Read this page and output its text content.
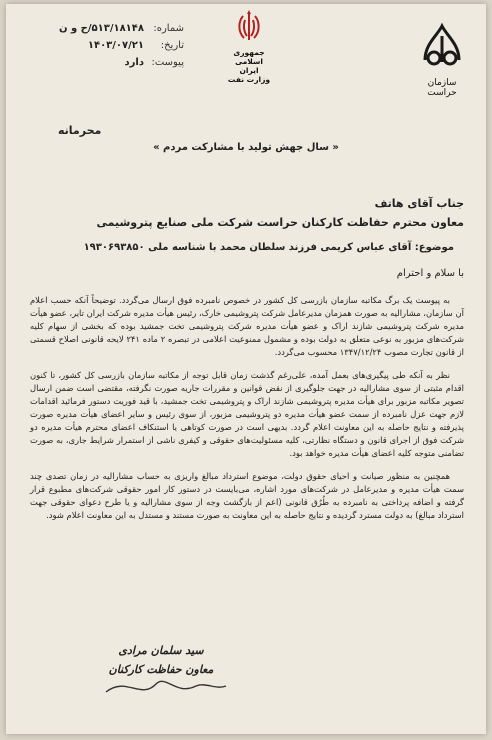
جمهوری اسلامی ایران
وزارت نفت	سازمان حراست
شماره:
۵۱۳/۱۸۱۴۸/ح و ن
تاریخ:
۱۴۰۳/۰۷/۲۱
پیوست:
دارد
محرمانه
« سال جهش تولید با مشارکت مردم »
جناب آقای هاتف
معاون محترم حفاظت کارکنان حراست شرکت ملی صنایع پتروشیمی
موضوع: آقای عباس کریمی فرزند سلطان محمد با شناسه ملی ۱۹۳۰۶۹۳۸۵۰
با سلام و احترام

به پیوست یک برگ مکاتبه سازمان بازرسی کل کشور در خصوص نامبرده فوق ارسال می‌گردد. توضیحاً آنکه حسب اعلام آن سازمان، مشارالیه به صورت همزمان مدیرعامل شرکت پتروشیمی خارک، رئیس هیأت مدیره شرکت ایران تایر، عضو هیأت مدیره شرکت پتروشیمی شازند اراک و عضو هیأت مدیره شرکت پتروشیمی تخت جمشید بوده که بخشی از سهام کلیه شرکت‌های مزبور به نوعی متعلق به دولت بوده و مشمول ممنوعیت اعلامی در تبصره ۲ ماده ۲۴۱ لایحه قانونی اصلاح قسمتی از قانون تجارت مصوب ۱۳۴۷/۱۲/۲۴ محسوب می‌گردد.

نظر به آنکه طی پیگیری‌های بعمل آمده، علی‌رغم گذشت زمان قابل توجه از مکاتبه سازمان بازرسی کل کشور، تا کنون اقدام مثبتی از سوی مشارالیه در جهت جلوگیری از نقض قوانین و مقررات جاریه صورت نگرفته، مقتضی است ضمن ارسال تصویر مکاتبه مزبور برای هیأت مدیره پتروشیمی شازند اراک و پتروشیمی تخت جمشید، با قید فوریت دستور فرمائید اقدامات لازم جهت عزل نامبرده از سمت عضو هیأت مدیره دو پتروشیمی مزبور، از سوی رئیس و سایر اعضای هیأت مدیره صورت پذیرفته و نتایج حاصله به این معاونت اعلام گردد. بدیهی است در صورت کوتاهی یا استنکاف اعضای محترم هیأت مدیره دو شرکت فوق از اجرای قانون و دستگاه نظارتی، کلیه مسئولیت‌های حقوقی و کیفری ناشی از استمرار شرایط جاری، به صورت تضامنی متوجه کلیه اعضای هیأت مدیره خواهد بود.

همچنین به منظور صیانت و احیای حقوق دولت، موضوع استرداد مبالغ واریزی به حساب مشارالیه در زمان تصدی چند سمت هیأت مدیره و مدیرعامل در شرکت‌های مورد اشاره، می‌بایست در دستور کار امور حقوقی شرکت‌های مطبوع قرار گرفته و اضافه پرداختی به نامبرده به طُرُق قانونی (اعم از بازگشت وجه از سوی مشارالیه و یا طرح دعوای حقوقی جهت استرداد مبالغ) به دولت مسترد گردیده و نتایج حاصله به این معاونت به صورت مستند و مستدل به این معاونت اعلام شود.

سید سلمان مرادی
معاون حفاظت کارکنان
